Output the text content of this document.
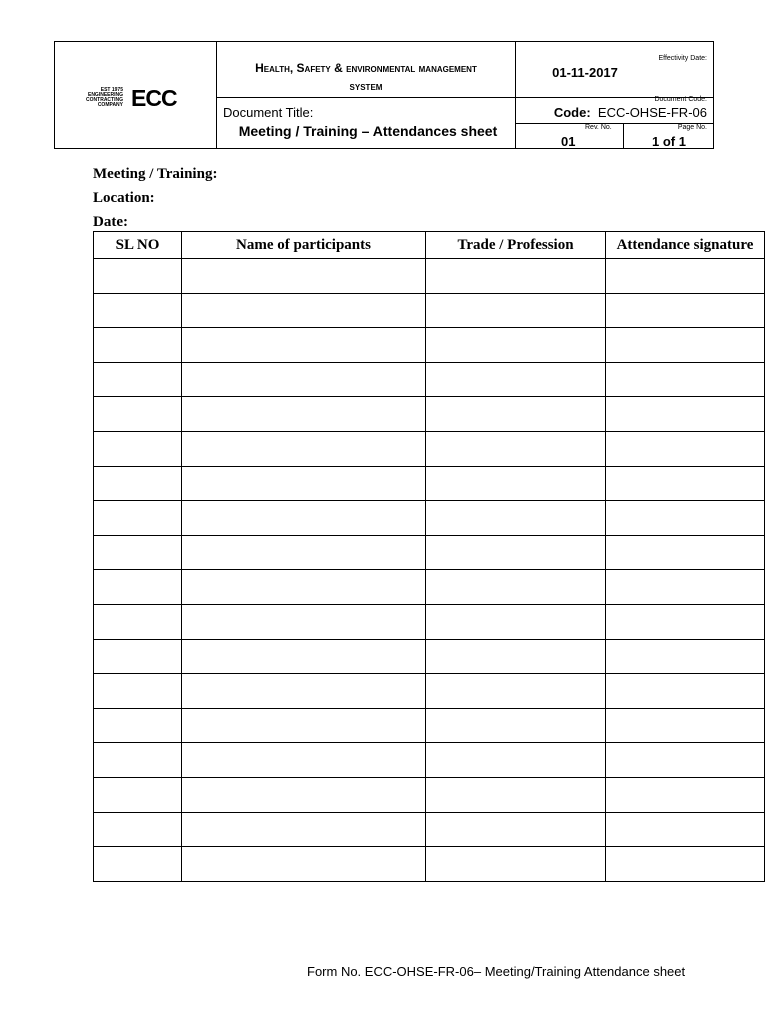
EST 1975
ENGINEERING
CONTRACTING
COMPANY ECC
Health, Safety & environmental management
system
Document Title:
Meeting / Training – Attendances sheet
Effectivity Date:
01-11-2017
Document Code:
Code: ECC-OHSE-FR-06
Rev. No.
01
Page No.
1 of 1
Meeting / Training:
Location:
Date:
SL NO	Name of participants	Trade / Profession	Attendance signature

Form No. ECC-OHSE-FR-06– Meeting/Training Attendance sheet
